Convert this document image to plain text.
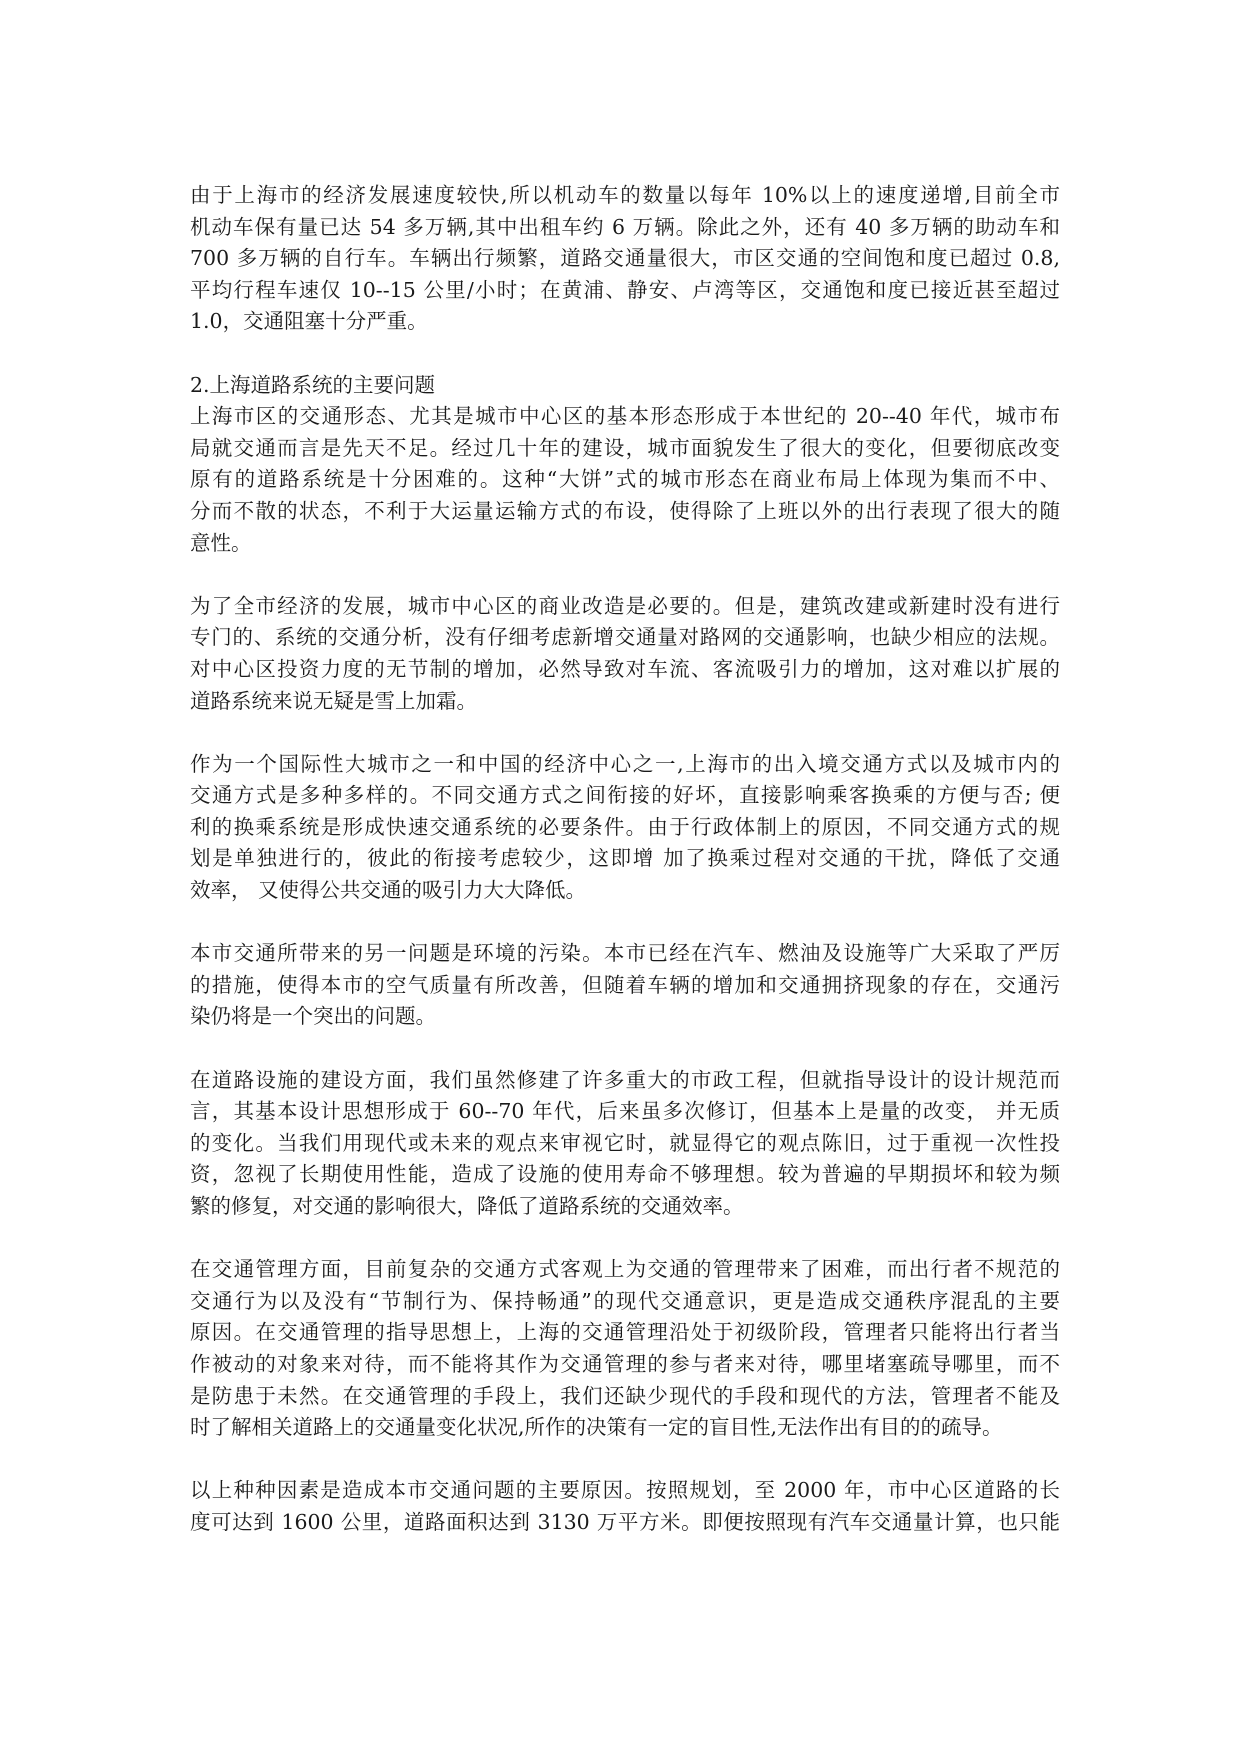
由于上海市的经济发展速度较快,所以机动车的数量以每年 10%以上的速度递增,目前全市
机动车保有量已达 54 多万辆,其中出租车约 6 万辆。除此之外，还有 40 多万辆的助动车和
700 多万辆的自行车。车辆出行频繁，道路交通量很大，市区交通的空间饱和度已超过 0.8,
平均行程车速仅 10--15 公里/小时；在黄浦、静安、卢湾等区，交通饱和度已接近甚至超过
1.0，交通阻塞十分严重。
2.上海道路系统的主要问题
上海市区的交通形态、尤其是城市中心区的基本形态形成于本世纪的 20--40 年代，城市布
局就交通而言是先天不足。经过几十年的建设，城市面貌发生了很大的变化，但要彻底改变
原有的道路系统是十分困难的。这种“大饼”式的城市形态在商业布局上体现为集而不中、
分而不散的状态，不利于大运量运输方式的布设，使得除了上班以外的出行表现了很大的随
意性。
为了全市经济的发展，城市中心区的商业改造是必要的。但是，建筑改建或新建时没有进行
专门的、系统的交通分析，没有仔细考虑新增交通量对路网的交通影响，也缺少相应的法规。
对中心区投资力度的无节制的增加，必然导致对车流、客流吸引力的增加，这对难以扩展的
道路系统来说无疑是雪上加霜。
作为一个国际性大城市之一和中国的经济中心之一,上海市的出入境交通方式以及城市内的
交通方式是多种多样的。不同交通方式之间衔接的好坏，直接影响乘客换乘的方便与否; 便
利的换乘系统是形成快速交通系统的必要条件。由于行政体制上的原因，不同交通方式的规
划是单独进行的，彼此的衔接考虑较少，这即增 加了换乘过程对交通的干扰，降低了交通
效率， 又使得公共交通的吸引力大大降低。
本市交通所带来的另一问题是环境的污染。本市已经在汽车、燃油及设施等广大采取了严厉
的措施，使得本市的空气质量有所改善，但随着车辆的增加和交通拥挤现象的存在，交通污
染仍将是一个突出的问题。
在道路设施的建设方面，我们虽然修建了许多重大的市政工程，但就指导设计的设计规范而
言，其基本设计思想形成于 60--70 年代，后来虽多次修订，但基本上是量的改变， 并无质
的变化。当我们用现代或未来的观点来审视它时，就显得它的观点陈旧，过于重视一次性投
资，忽视了长期使用性能，造成了设施的使用寿命不够理想。较为普遍的早期损坏和较为频
繁的修复，对交通的影响很大，降低了道路系统的交通效率。
在交通管理方面，目前复杂的交通方式客观上为交通的管理带来了困难，而出行者不规范的
交通行为以及没有“节制行为、保持畅通”的现代交通意识，更是造成交通秩序混乱的主要
原因。在交通管理的指导思想上，上海的交通管理沿处于初级阶段，管理者只能将出行者当
作被动的对象来对待，而不能将其作为交通管理的参与者来对待，哪里堵塞疏导哪里，而不
是防患于未然。在交通管理的手段上，我们还缺少现代的手段和现代的方法，管理者不能及
时了解相关道路上的交通量变化状况,所作的决策有一定的盲目性,无法作出有目的的疏导。
以上种种因素是造成本市交通问题的主要原因。按照规划，至 2000 年，市中心区道路的长
度可达到 1600 公里，道路面积达到 3130 万平方米。即便按照现有汽车交通量计算，也只能
